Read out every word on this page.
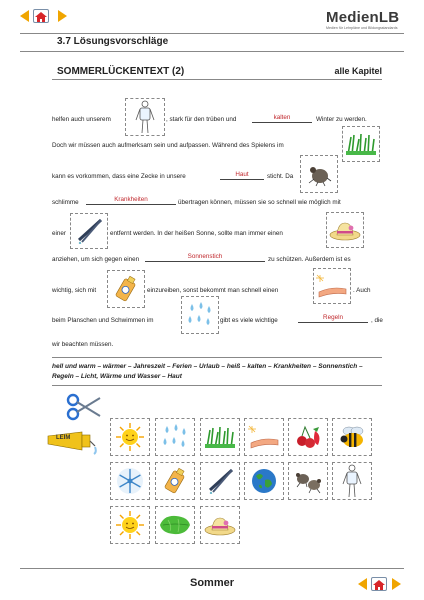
MedienLB
Medien für Lehrpläne und Bildungsstandards
3.7 Lösungsvorschläge
SOMMERLÜCKENTEXT (2)	alle Kapitel
helfen auch unserem	, stark für den trüben und	kalten	Winter zu werden.
Doch wir müssen auch aufmerksam sein und aufpassen. Während des Spielens im
kann es vorkommen, dass eine Zecke in unsere	Haut	sticht. Da
schlimme	Krankheiten	übertragen können, müssen sie so schnell wie möglich mit
einer	entfernt werden. In der heißen Sonne, sollte man immer einen
anziehen, um sich gegen einen	Sonnenstich	zu schützen. Außerdem ist es
wichtig, sich mit	einzureiben, sonst bekommt man schnell einen	. Auch
beim Planschen und Schwimmen im	gibt es viele wichtige	Regeln	, die
wir beachten müssen.
hell und warm – wärmer – Jahreszeit – Ferien – Urlaub – heiß – kalten – Krankheiten – Sonnenstich – Regeln – Licht, Wärme und Wasser – Haut
LEIM
Sommer
